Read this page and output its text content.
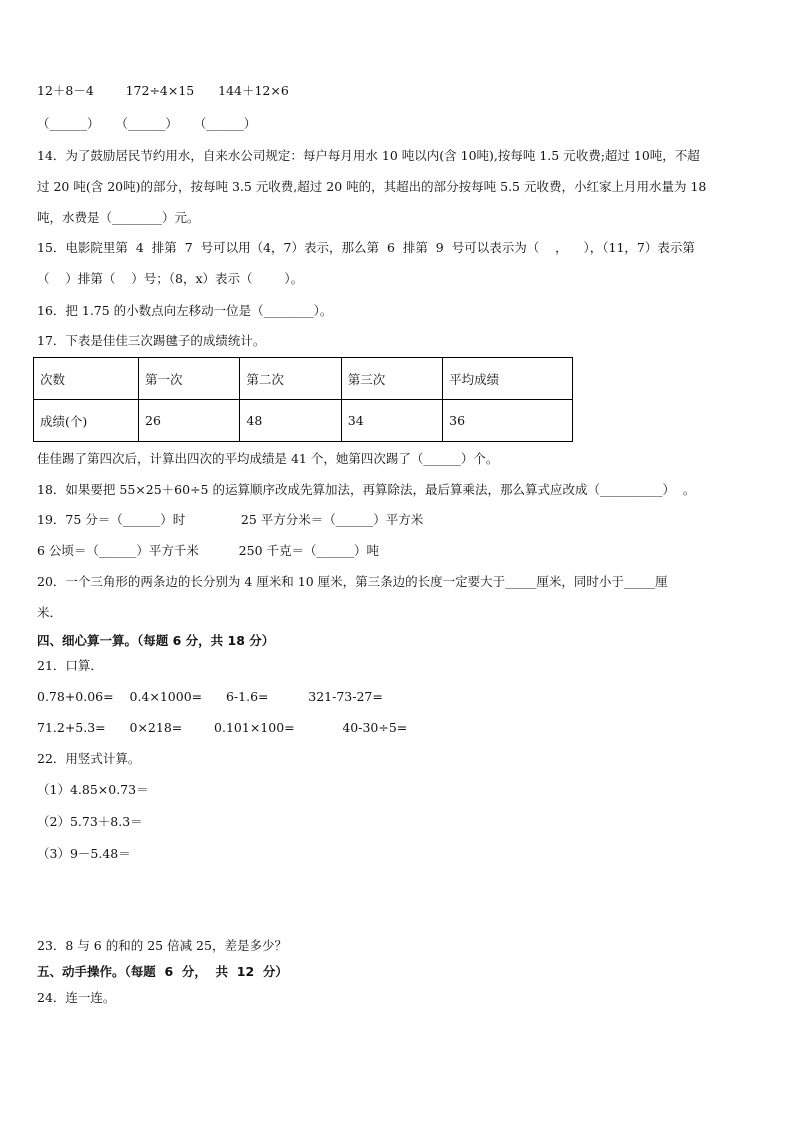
12＋8－4        172÷4×15      144＋12×6
（______）    （______）    （______）
14．为了鼓励居民节约用水，自来水公司规定：每户每月用水 10 吨以内(含 10吨),按每吨 1.5 元收费;超过 10吨，不超
过 20 吨(含 20吨)的部分，按每吨 3.5 元收费,超过 20 吨的，其超出的部分按每吨 5.5 元收费，小红家上月用水量为 18
吨，水费是（________）元。
15．电影院里第  4  排第  7  号可以用（4，7）表示，那么第  6  排第  9  号可以表示为（    ，    ），（11，7）表示第
（    ）排第（    ）号；（8，x）表示（        ）。
16．把 1.75 的小数点向左移动一位是（________）。
17．下表是佳佳三次踢毽子的成绩统计。
次数	第一次	第二次	第三次	平均成绩
成绩(个)	26	48	34	36
佳佳踢了第四次后，计算出四次的平均成绩是 41 个，她第四次踢了（______）个。
18．如果要把 55×25＋60÷5 的运算顺序改成先算加法，再算除法，最后算乘法，那么算式应改成（__________）  。
19．75 分＝（______）时              25 平方分米＝（______）平方米
6 公顷＝（______）平方千米          250 千克＝（______）吨
20．一个三角形的两条边的长分别为 4 厘米和 10 厘米，第三条边的长度一定要大于_____厘米，同时小于_____厘
米．
四、细心算一算。（每题 6 分，共 18 分）
21．口算．
0.78+0.06=    0.4×1000=      6-1.6=          321-73-27=
71.2+5.3=      0×218=        0.101×100=            40-30÷5=
22．用竖式计算。
（1）4.85×0.73＝
（2）5.73＋8.3＝
（3）9－5.48＝
23．8 与 6 的和的 25 倍减 25，差是多少？
五、动手操作。（每题  6  分，  共  12  分）
24．连一连。
